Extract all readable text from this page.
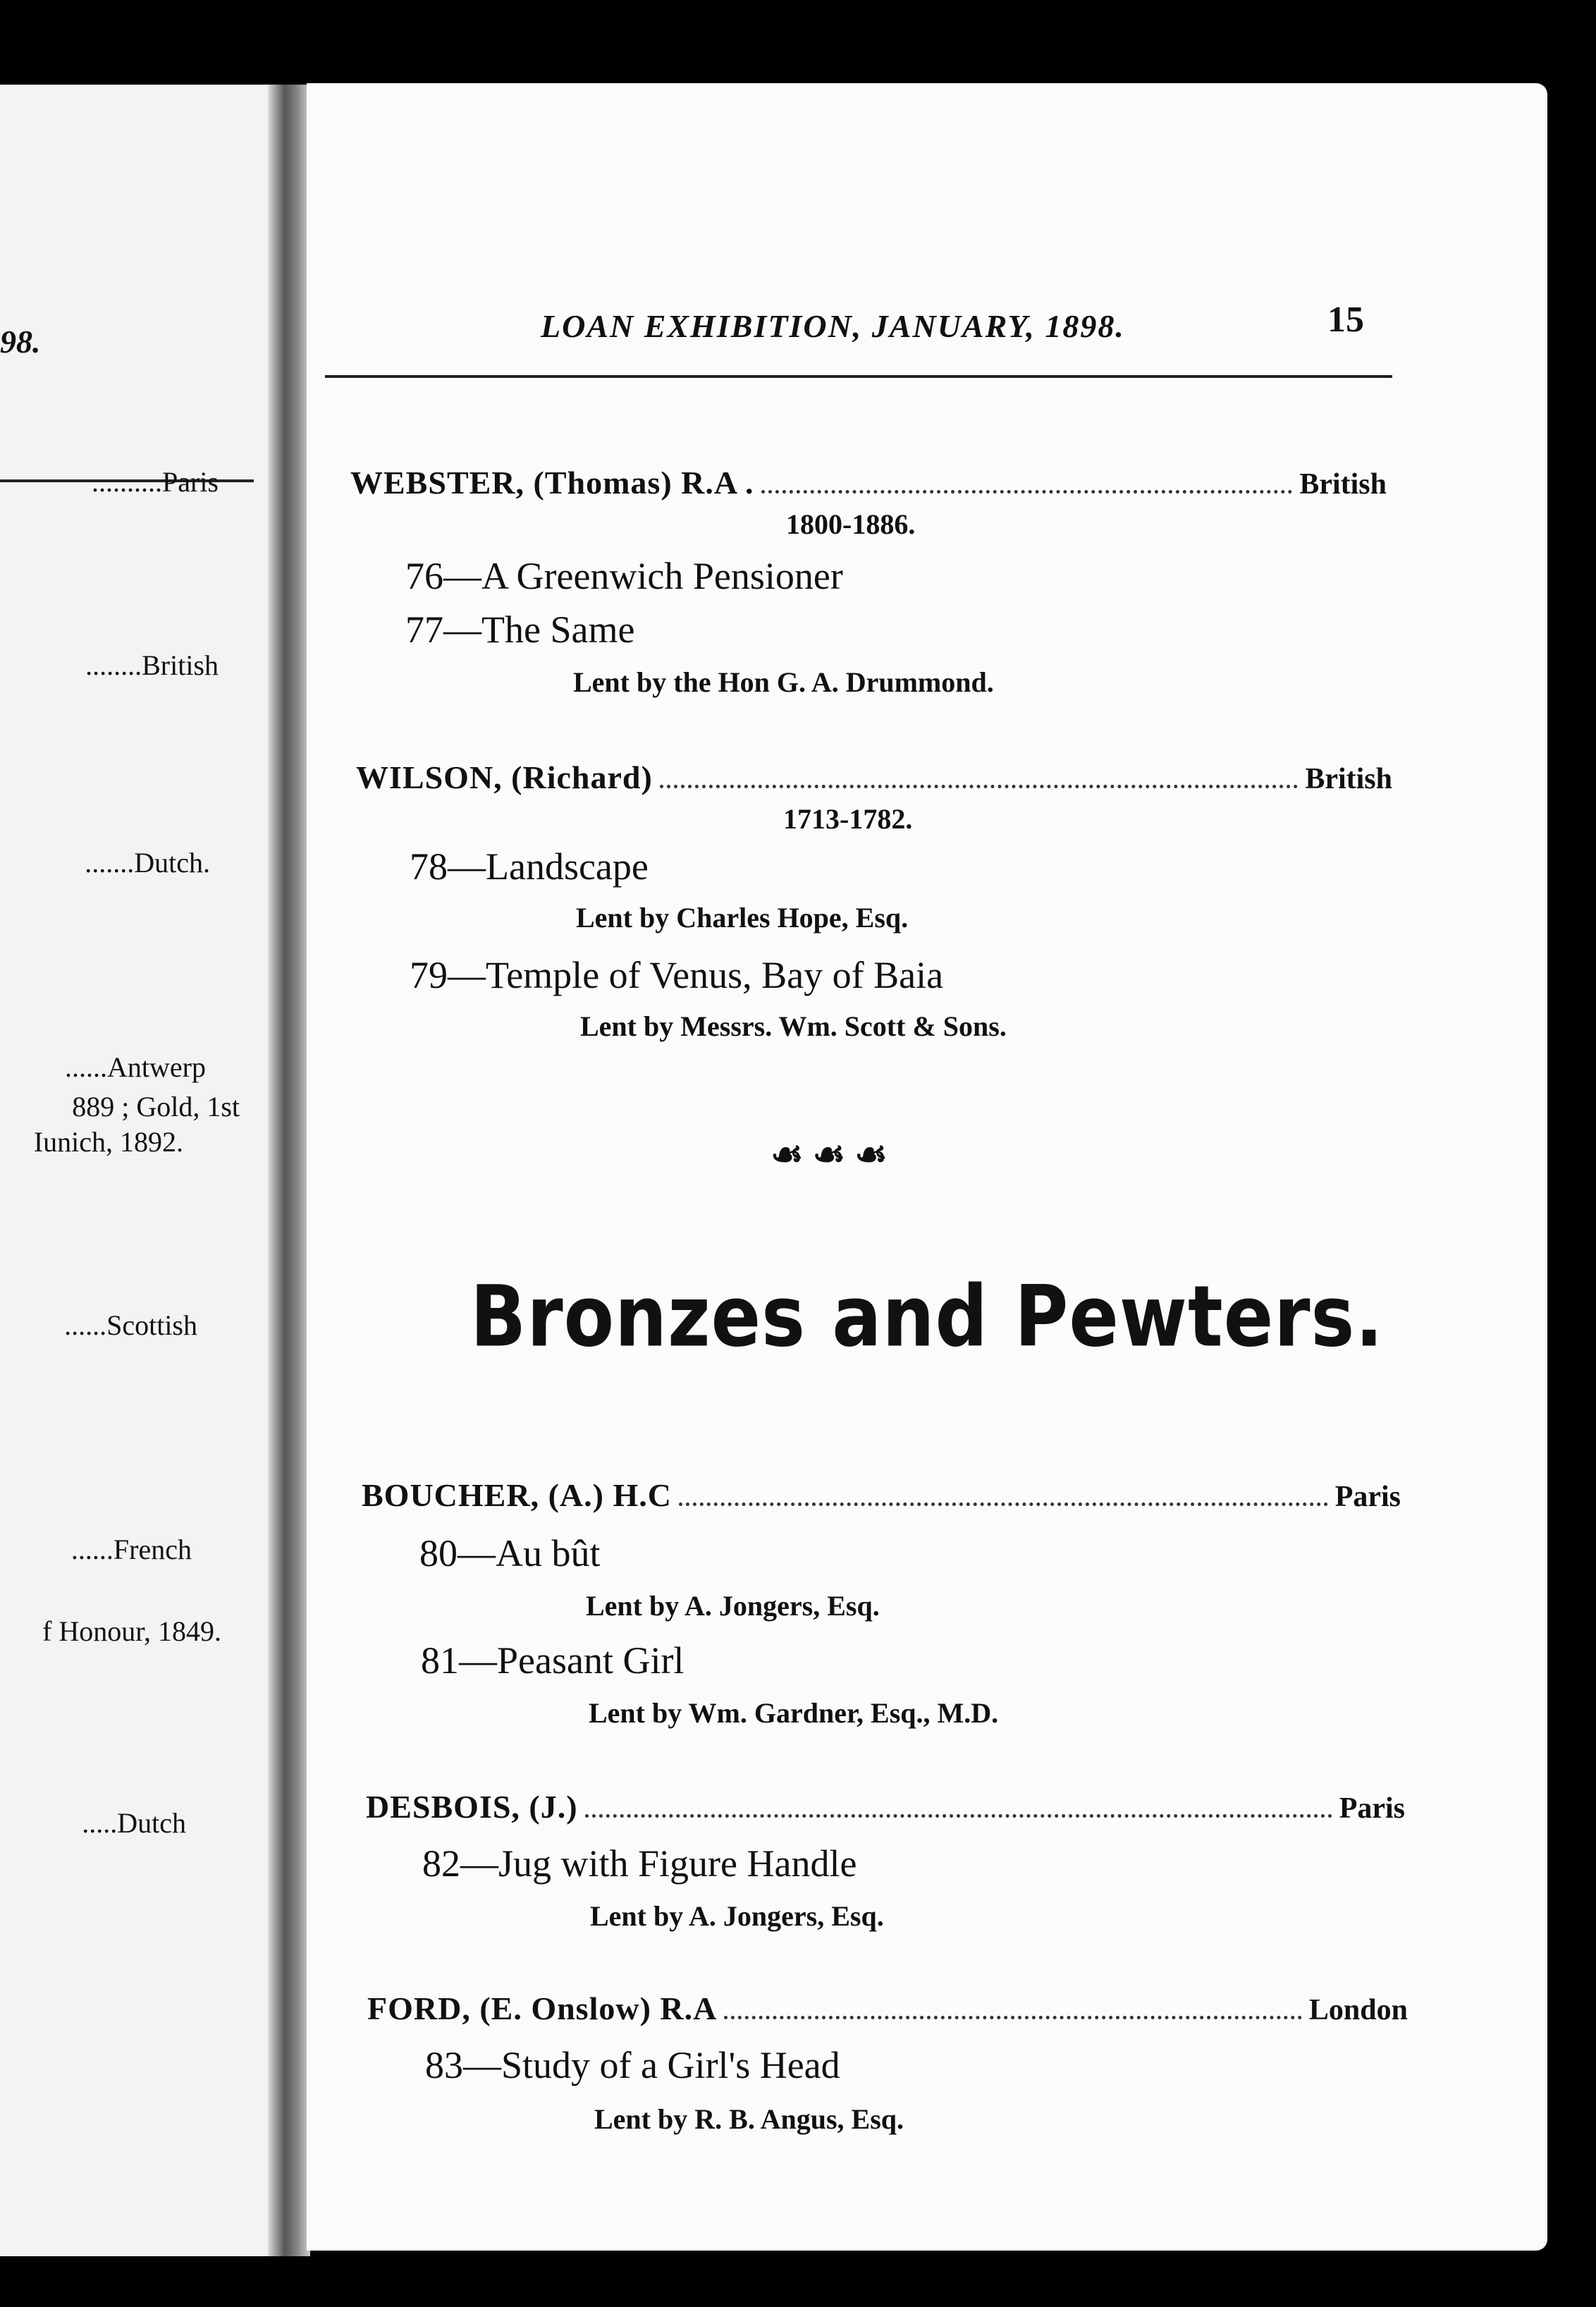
98.
..........Paris
........British
.......Dutch.
......Antwerp
889 ; Gold, 1st
Iunich, 1892.
......Scottish
......French
f Honour, 1849.
.....Dutch
LOAN EXHIBITION, JANUARY, 1898.	15
WEBSTER, (Thomas) R.A .	British
1800-1886.
76—A Greenwich Pensioner
77—The Same
Lent by the Hon G. A. Drummond.
WILSON, (Richard)	British
1713-1782.
78—Landscape
Lent by Charles Hope, Esq.
79—Temple of Venus, Bay of Baia
Lent by Messrs. Wm. Scott & Sons.
☙ ☙ ☙
Bronzes and Pewters.
BOUCHER, (A.) H.C	Paris
80—Au bût
Lent by A. Jongers, Esq.
81—Peasant Girl
Lent by Wm. Gardner, Esq., M.D.
DESBOIS, (J.)	Paris
82—Jug with Figure Handle
Lent by A. Jongers, Esq.
FORD, (E. Onslow) R.A	London
83—Study of a Girl's Head
Lent by R. B. Angus, Esq.
